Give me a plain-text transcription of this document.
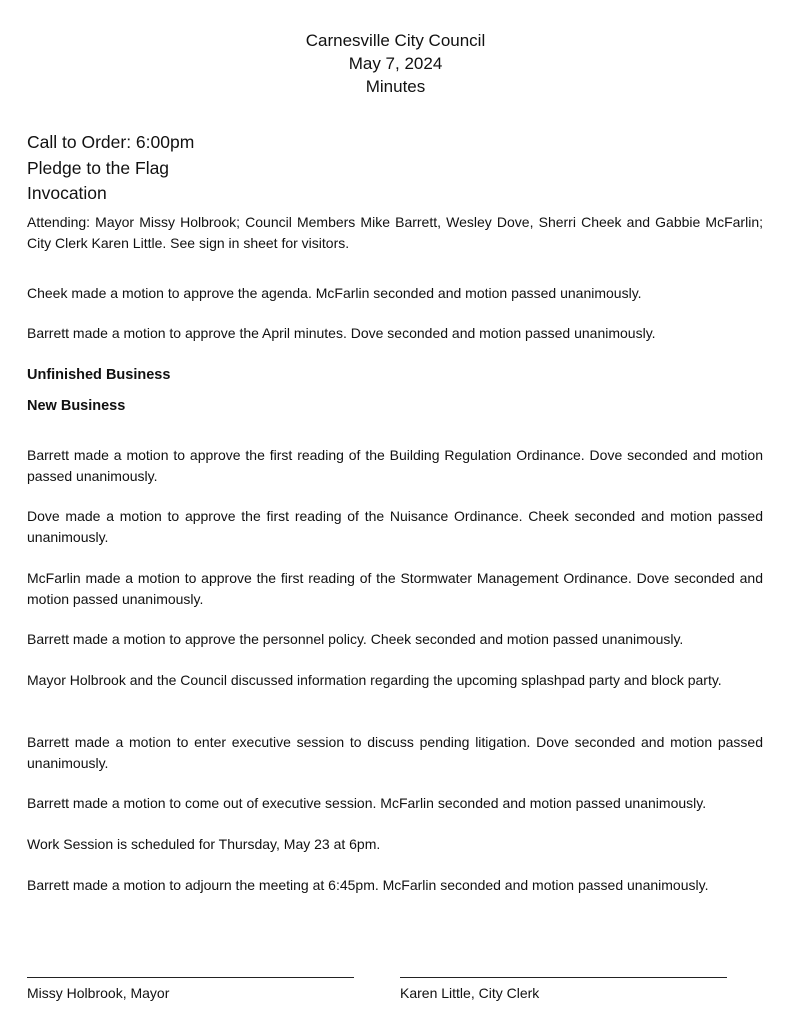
Carnesville City Council
May 7, 2024
Minutes
Call to Order: 6:00pm
Pledge to the Flag
Invocation
Attending: Mayor Missy Holbrook; Council Members Mike Barrett, Wesley Dove, Sherri Cheek and Gabbie McFarlin; City Clerk Karen Little. See sign in sheet for visitors.
Cheek made a motion to approve the agenda. McFarlin seconded and motion passed unanimously.
Barrett made a motion to approve the April minutes. Dove seconded and motion passed unanimously.
Unfinished Business
New Business
Barrett made a motion to approve the first reading of the Building Regulation Ordinance. Dove seconded and motion passed unanimously.
Dove made a motion to approve the first reading of the Nuisance Ordinance. Cheek seconded and motion passed unanimously.
McFarlin made a motion to approve the first reading of the Stormwater Management Ordinance. Dove seconded and motion passed unanimously.
Barrett made a motion to approve the personnel policy. Cheek seconded and motion passed unanimously.
Mayor Holbrook and the Council discussed information regarding the upcoming splashpad party and block party.
Barrett made a motion to enter executive session to discuss pending litigation. Dove seconded and motion passed unanimously.
Barrett made a motion to come out of executive session. McFarlin seconded and motion passed unanimously.
Work Session is scheduled for Thursday, May 23 at 6pm.
Barrett made a motion to adjourn the meeting at 6:45pm. McFarlin seconded and motion passed unanimously.
Missy Holbrook, Mayor	Karen Little, City Clerk
